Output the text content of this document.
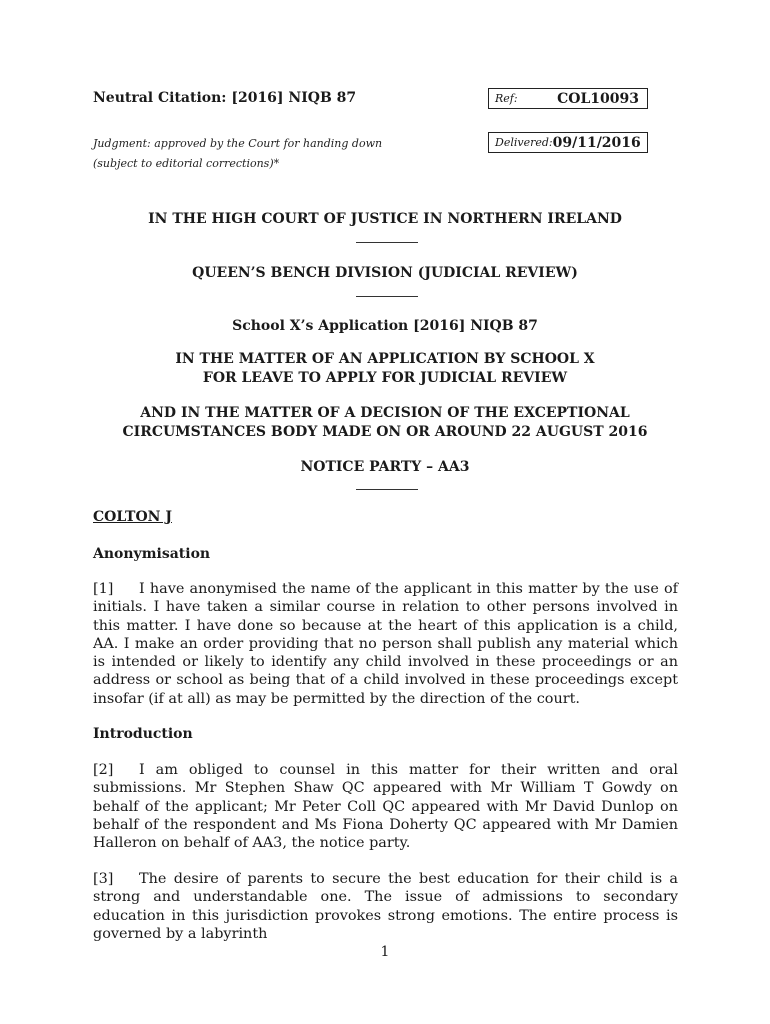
Neutral Citation: [2016] NIQB 87	Ref:	COL10093
Judgment: approved by the Court for handing down
(subject to editorial corrections)*
Delivered: 09/11/2016
IN THE HIGH COURT OF JUSTICE IN NORTHERN IRELAND
QUEEN’S BENCH DIVISION (JUDICIAL REVIEW)
School X’s Application [2016] NIQB 87
IN THE MATTER OF AN APPLICATION BY SCHOOL X
FOR LEAVE TO APPLY FOR JUDICIAL REVIEW
AND IN THE MATTER OF A DECISION OF THE EXCEPTIONAL
CIRCUMSTANCES BODY MADE ON OR AROUND 22 AUGUST 2016
NOTICE PARTY – AA3
COLTON J
Anonymisation
[1] I have anonymised the name of the applicant in this matter by the use of initials. I have taken a similar course in relation to other persons involved in this matter. I have done so because at the heart of this application is a child, AA. I make an order providing that no person shall publish any material which is intended or likely to identify any child involved in these proceedings or an address or school as being that of a child involved in these proceedings except insofar (if at all) as may be permitted by the direction of the court.
Introduction
[2] I am obliged to counsel in this matter for their written and oral submissions. Mr Stephen Shaw QC appeared with Mr William T Gowdy on behalf of the applicant; Mr Peter Coll QC appeared with Mr David Dunlop on behalf of the respondent and Ms Fiona Doherty QC appeared with Mr Damien Halleron on behalf of AA3, the notice party.
[3] The desire of parents to secure the best education for their child is a strong and understandable one. The issue of admissions to secondary education in this jurisdiction provokes strong emotions. The entire process is governed by a labyrinth
1
